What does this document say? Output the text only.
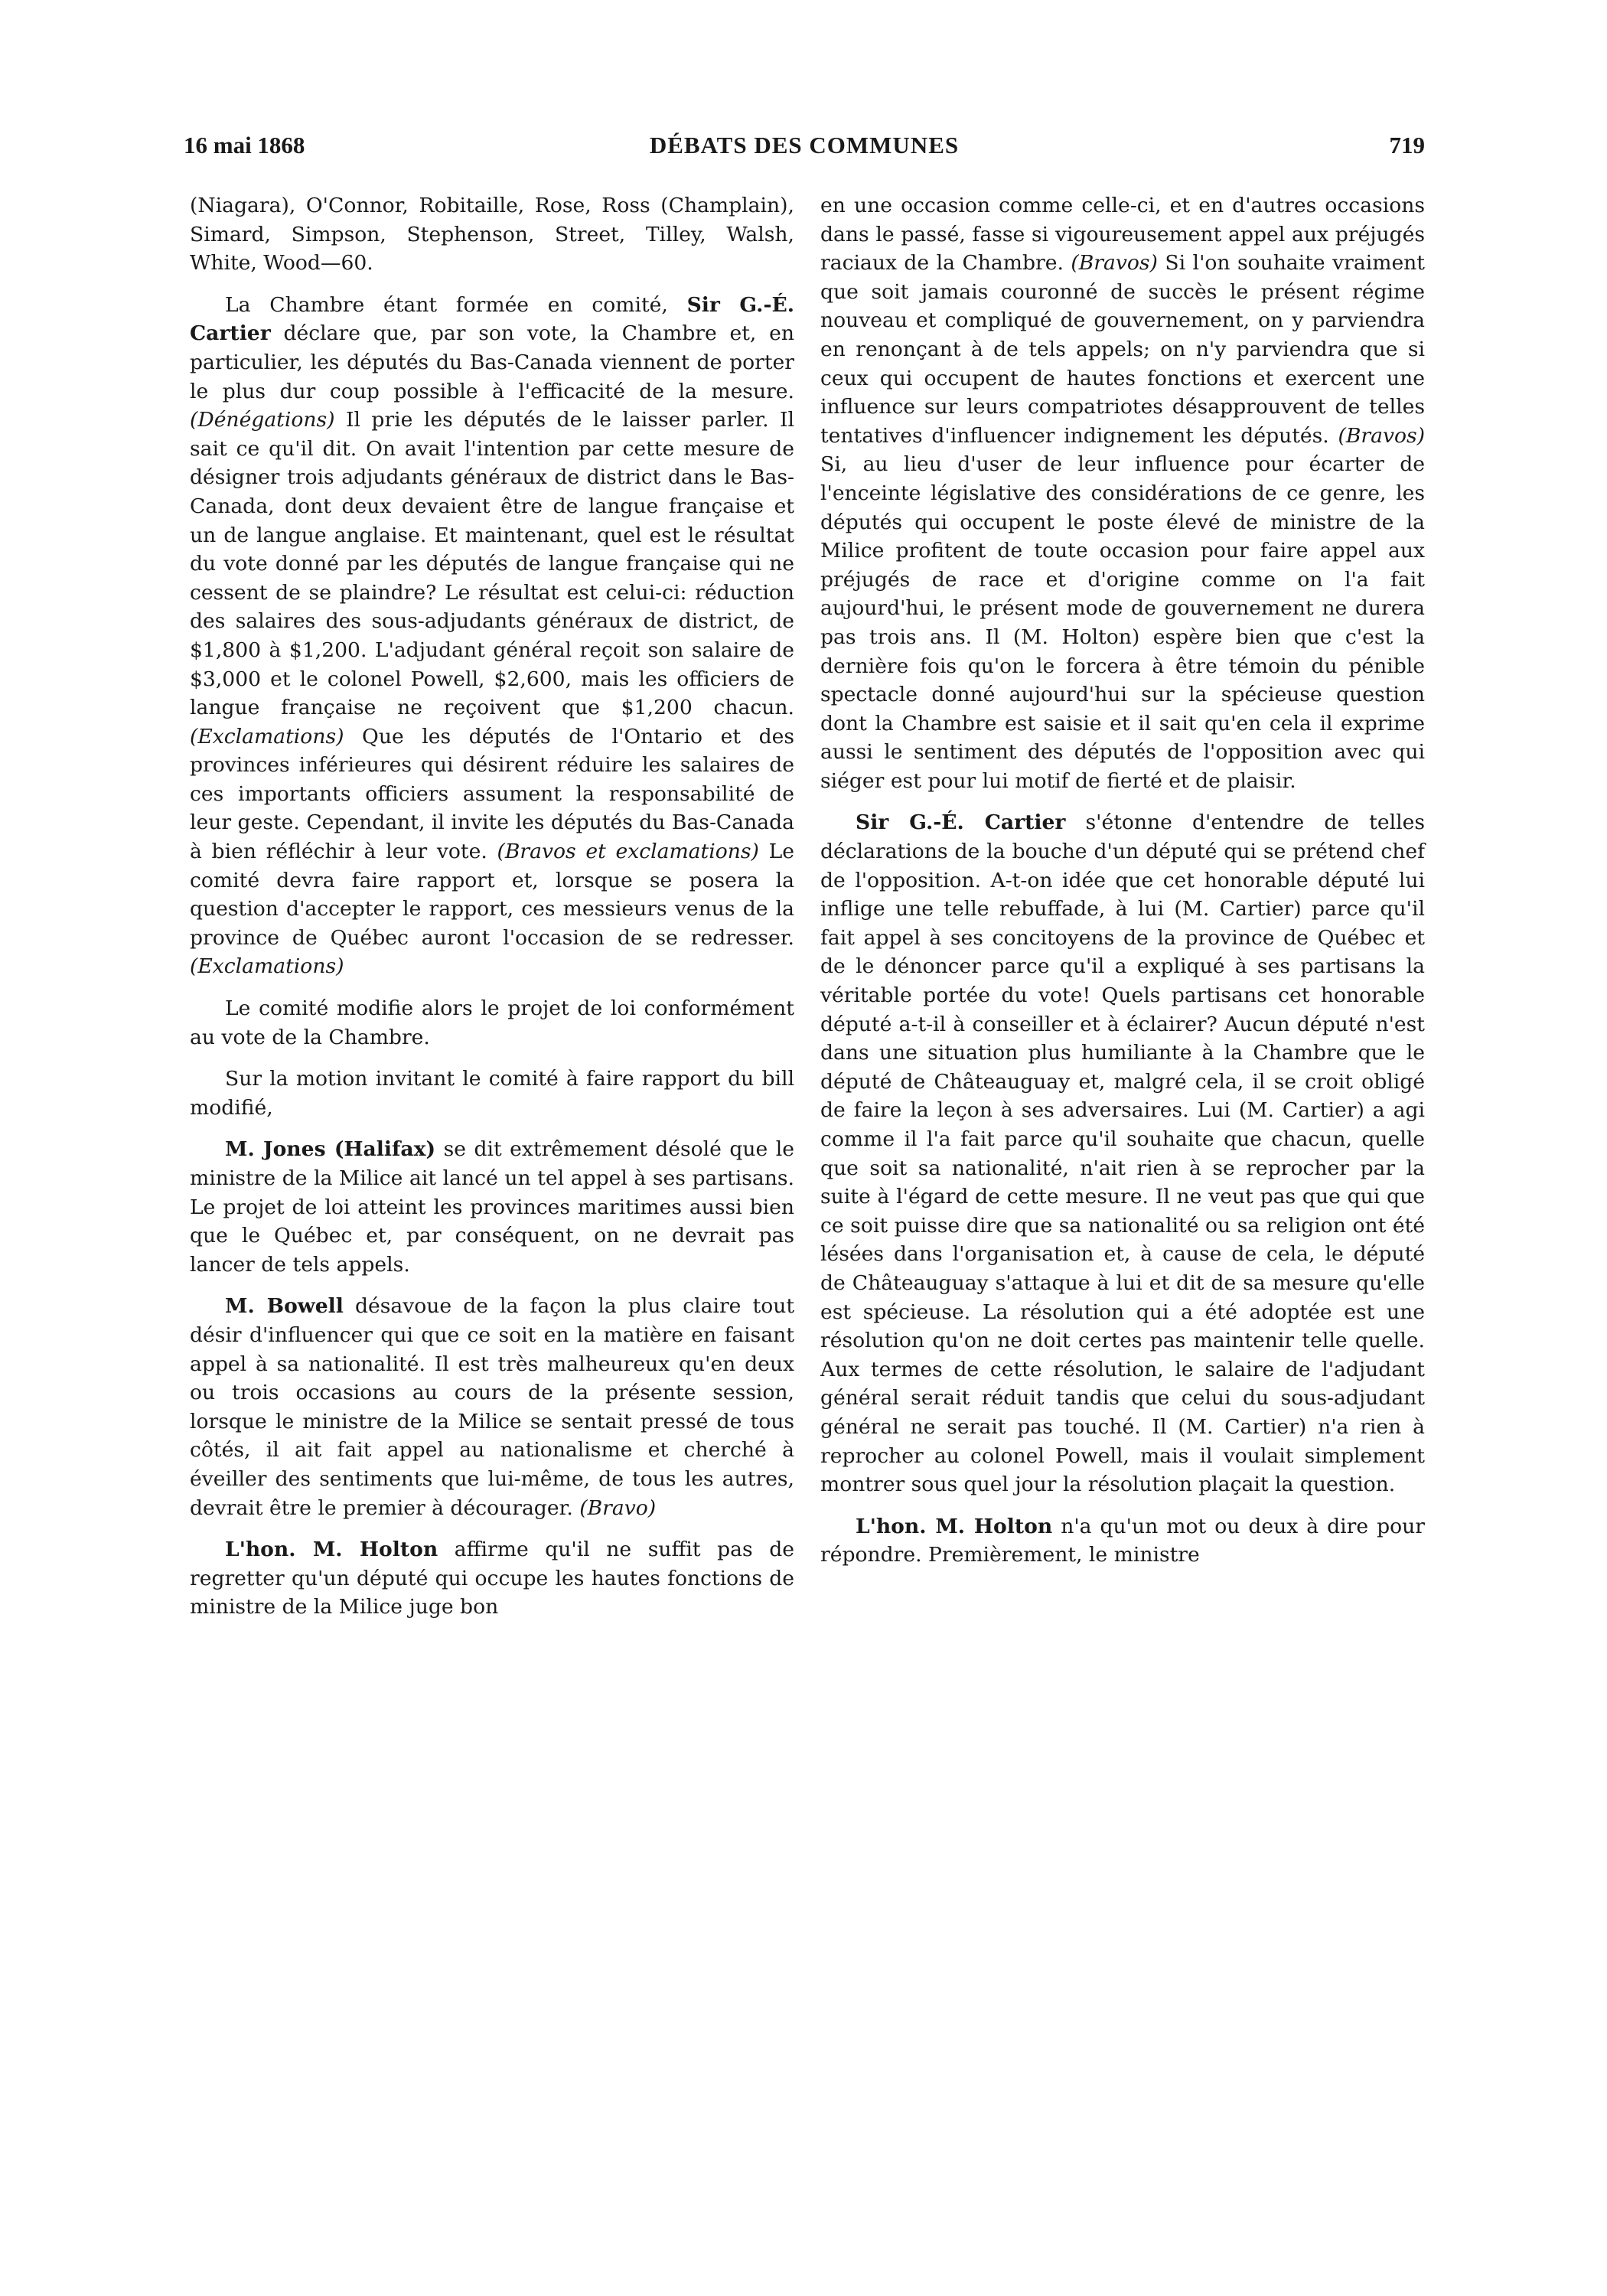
16 mai 1868	DÉBATS DES COMMUNES	719

(Niagara), O'Connor, Robitaille, Rose, Ross (Champlain), Simard, Simpson, Stephenson, Street, Tilley, Walsh, White, Wood—60.

La Chambre étant formée en comité, Sir G.-É. Cartier déclare que, par son vote, la Chambre et, en particulier, les députés du Bas-Canada viennent de porter le plus dur coup possible à l'efficacité de la mesure. (Dénégations) Il prie les députés de le laisser parler. Il sait ce qu'il dit. On avait l'intention par cette mesure de désigner trois adjudants généraux de district dans le Bas-Canada, dont deux devaient être de langue française et un de langue anglaise. Et maintenant, quel est le résultat du vote donné par les députés de langue française qui ne cessent de se plaindre? Le résultat est celui-ci: réduction des salaires des sous-adjudants généraux de district, de $1,800 à $1,200. L'adjudant général reçoit son salaire de $3,000 et le colonel Powell, $2,600, mais les officiers de langue française ne reçoivent que $1,200 chacun. (Exclamations) Que les députés de l'Ontario et des provinces inférieures qui désirent réduire les salaires de ces importants officiers assument la responsabilité de leur geste. Cependant, il invite les députés du Bas-Canada à bien réfléchir à leur vote. (Bravos et exclamations) Le comité devra faire rapport et, lorsque se posera la question d'accepter le rapport, ces messieurs venus de la province de Québec auront l'occasion de se redresser. (Exclamations)

Le comité modifie alors le projet de loi conformément au vote de la Chambre.

Sur la motion invitant le comité à faire rapport du bill modifié,

M. Jones (Halifax) se dit extrêmement désolé que le ministre de la Milice ait lancé un tel appel à ses partisans. Le projet de loi atteint les provinces maritimes aussi bien que le Québec et, par conséquent, on ne devrait pas lancer de tels appels.

M. Bowell désavoue de la façon la plus claire tout désir d'influencer qui que ce soit en la matière en faisant appel à sa nationalité. Il est très malheureux qu'en deux ou trois occasions au cours de la présente session, lorsque le ministre de la Milice se sentait pressé de tous côtés, il ait fait appel au nationalisme et cherché à éveiller des sentiments que lui-même, de tous les autres, devrait être le premier à décourager. (Bravo)

L'hon. M. Holton affirme qu'il ne suffit pas de regretter qu'un député qui occupe les hautes fonctions de ministre de la Milice juge bon

en une occasion comme celle-ci, et en d'autres occasions dans le passé, fasse si vigoureusement appel aux préjugés raciaux de la Chambre. (Bravos) Si l'on souhaite vraiment que soit jamais couronné de succès le présent régime nouveau et compliqué de gouvernement, on y parviendra en renonçant à de tels appels; on n'y parviendra que si ceux qui occupent de hautes fonctions et exercent une influence sur leurs compatriotes désapprouvent de telles tentatives d'influencer indignement les députés. (Bravos) Si, au lieu d'user de leur influence pour écarter de l'enceinte législative des considérations de ce genre, les députés qui occupent le poste élevé de ministre de la Milice profitent de toute occasion pour faire appel aux préjugés de race et d'origine comme on l'a fait aujourd'hui, le présent mode de gouvernement ne durera pas trois ans. Il (M. Holton) espère bien que c'est la dernière fois qu'on le forcera à être témoin du pénible spectacle donné aujourd'hui sur la spécieuse question dont la Chambre est saisie et il sait qu'en cela il exprime aussi le sentiment des députés de l'opposition avec qui siéger est pour lui motif de fierté et de plaisir.

Sir G.-É. Cartier s'étonne d'entendre de telles déclarations de la bouche d'un député qui se prétend chef de l'opposition. A-t-on idée que cet honorable député lui inflige une telle rebuffade, à lui (M. Cartier) parce qu'il fait appel à ses concitoyens de la province de Québec et de le dénoncer parce qu'il a expliqué à ses partisans la véritable portée du vote! Quels partisans cet honorable député a-t-il à conseiller et à éclairer? Aucun député n'est dans une situation plus humiliante à la Chambre que le député de Châteauguay et, malgré cela, il se croit obligé de faire la leçon à ses adversaires. Lui (M. Cartier) a agi comme il l'a fait parce qu'il souhaite que chacun, quelle que soit sa nationalité, n'ait rien à se reprocher par la suite à l'égard de cette mesure. Il ne veut pas que qui que ce soit puisse dire que sa nationalité ou sa religion ont été lésées dans l'organisation et, à cause de cela, le député de Châteauguay s'attaque à lui et dit de sa mesure qu'elle est spécieuse. La résolution qui a été adoptée est une résolution qu'on ne doit certes pas maintenir telle quelle. Aux termes de cette résolution, le salaire de l'adjudant général serait réduit tandis que celui du sous-adjudant général ne serait pas touché. Il (M. Cartier) n'a rien à reprocher au colonel Powell, mais il voulait simplement montrer sous quel jour la résolution plaçait la question.

L'hon. M. Holton n'a qu'un mot ou deux à dire pour répondre. Premièrement, le ministre
